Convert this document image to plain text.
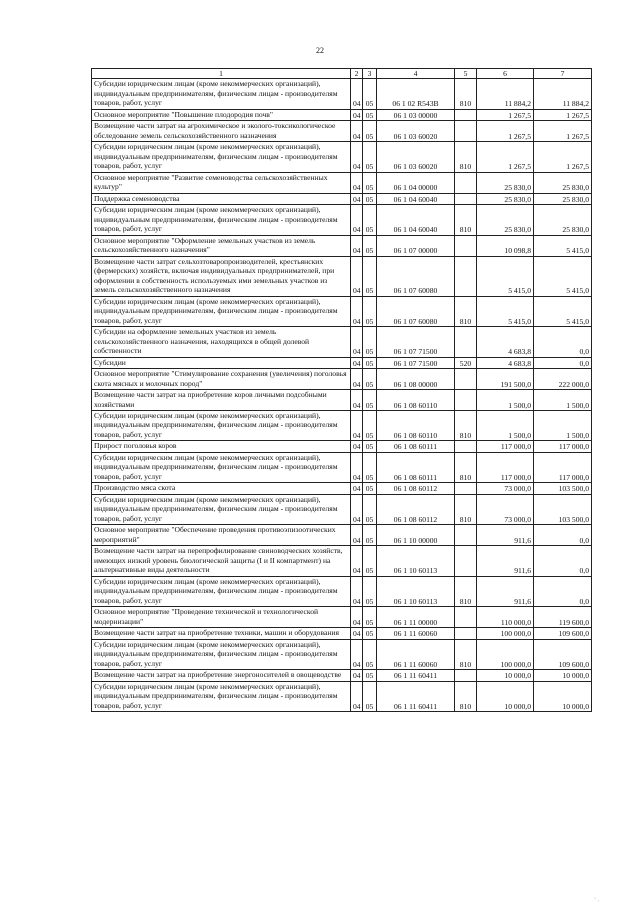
22
1	2	3	4	5	6	7
Субсидии юридическим лицам (кроме некоммерческих организаций), индивидуальным предпринимателям, физическим лицам - производителям товаров, работ, услуг	04	05	06 1 02 R543B	810	11 884,2	11 884,2
Основное мероприятие "Повышение плодородия почв"	04	05	06 1 03 00000		1 267,5	1 267,5
Возмещение части затрат на агрохимическое и эколого-токсикологическое обследование земель сельскохозяйственного назначения	04	05	06 1 03 60020		1 267,5	1 267,5
Субсидии юридическим лицам (кроме некоммерческих организаций), индивидуальным предпринимателям, физическим лицам - производителям товаров, работ, услуг	04	05	06 1 03 60020	810	1 267,5	1 267,5
Основное мероприятие "Развитие семеноводства сельскохозяйственных культур"	04	05	06 1 04 00000		25 830,0	25 830,0
Поддержка семеноводства	04	05	06 1 04 60040		25 830,0	25 830,0
Субсидии юридическим лицам (кроме некоммерческих организаций), индивидуальным предпринимателям, физическим лицам - производителям товаров, работ, услуг	04	05	06 1 04 60040	810	25 830,0	25 830,0
Основное мероприятие "Оформление земельных участков из земель сельскохозяйственного назначения"	04	05	06 1 07 00000		10 098,8	5 415,0
Возмещение части затрат сельхозтоваропроизводителей, крестьянских (фермерских) хозяйств, включая индивидуальных предпринимателей, при оформлении в собственность используемых ими земельных участков из земель сельскохозяйственного назначения	04	05	06 1 07 60080		5 415,0	5 415,0
Субсидии юридическим лицам (кроме некоммерческих организаций), индивидуальным предпринимателям, физическим лицам - производителям товаров, работ, услуг	04	05	06 1 07 60080	810	5 415,0	5 415,0
Субсидии на оформление земельных участков из земель сельскохозяйственного назначения, находящихся в общей долевой собственности	04	05	06 1 07 71500		4 683,8	0,0
Субсидии	04	05	06 1 07 71500	520	4 683,8	0,0
Основное мероприятие "Стимулирование сохранения (увеличения) поголовья скота мясных и молочных пород"	04	05	06 1 08 00000		191 500,0	222 000,0
Возмещение части затрат на приобретение коров личными подсобными хозяйствами	04	05	06 1 08 60110		1 500,0	1 500,0
Субсидии юридическим лицам (кроме некоммерческих организаций), индивидуальным предпринимателям, физическим лицам - производителям товаров, работ, услуг	04	05	06 1 08 60110	810	1 500,0	1 500,0
Прирост поголовья коров	04	05	06 1 08 60111		117 000,0	117 000,0
Субсидии юридическим лицам (кроме некоммерческих организаций), индивидуальным предпринимателям, физическим лицам - производителям товаров, работ, услуг	04	05	06 1 08 60111	810	117 000,0	117 000,0
Производство мяса скота	04	05	06 1 08 60112		73 000,0	103 500,0
Субсидии юридическим лицам (кроме некоммерческих организаций), индивидуальным предпринимателям, физическим лицам - производителям товаров, работ, услуг	04	05	06 1 08 60112	810	73 000,0	103 500,0
Основное мероприятие "Обеспечение проведения противоэпизоотических мероприятий"	04	05	06 1 10 00000		911,6	0,0
Возмещение части затрат на перепрофилирование свиноводческих хозяйств, имеющих низкий уровень биологической защиты (I и II компартмент) на альтернативные виды деятельности	04	05	06 1 10 60113		911,6	0,0
Субсидии юридическим лицам (кроме некоммерческих организаций), индивидуальным предпринимателям, физическим лицам - производителям товаров, работ, услуг	04	05	06 1 10 60113	810	911,6	0,0
Основное мероприятие "Проведение технической и технологической модернизации"	04	05	06 1 11 00000		110 000,0	119 600,0
Возмещение части затрат на приобретение техники, машин и оборудования	04	05	06 1 11 60060		100 000,0	109 600,0
Субсидии юридическим лицам (кроме некоммерческих организаций), индивидуальным предпринимателям, физическим лицам - производителям товаров, работ, услуг	04	05	06 1 11 60060	810	100 000,0	109 600,0
Возмещение части затрат на приобретение энергоносителей в овощеводстве	04	05	06 1 11 60411		10 000,0	10 000,0
Субсидии юридическим лицам (кроме некоммерческих организаций), индивидуальным предпринимателям, физическим лицам - производителям товаров, работ, услуг	04	05	06 1 11 60411	810	10 000,0	10 000,0
· ˌ
